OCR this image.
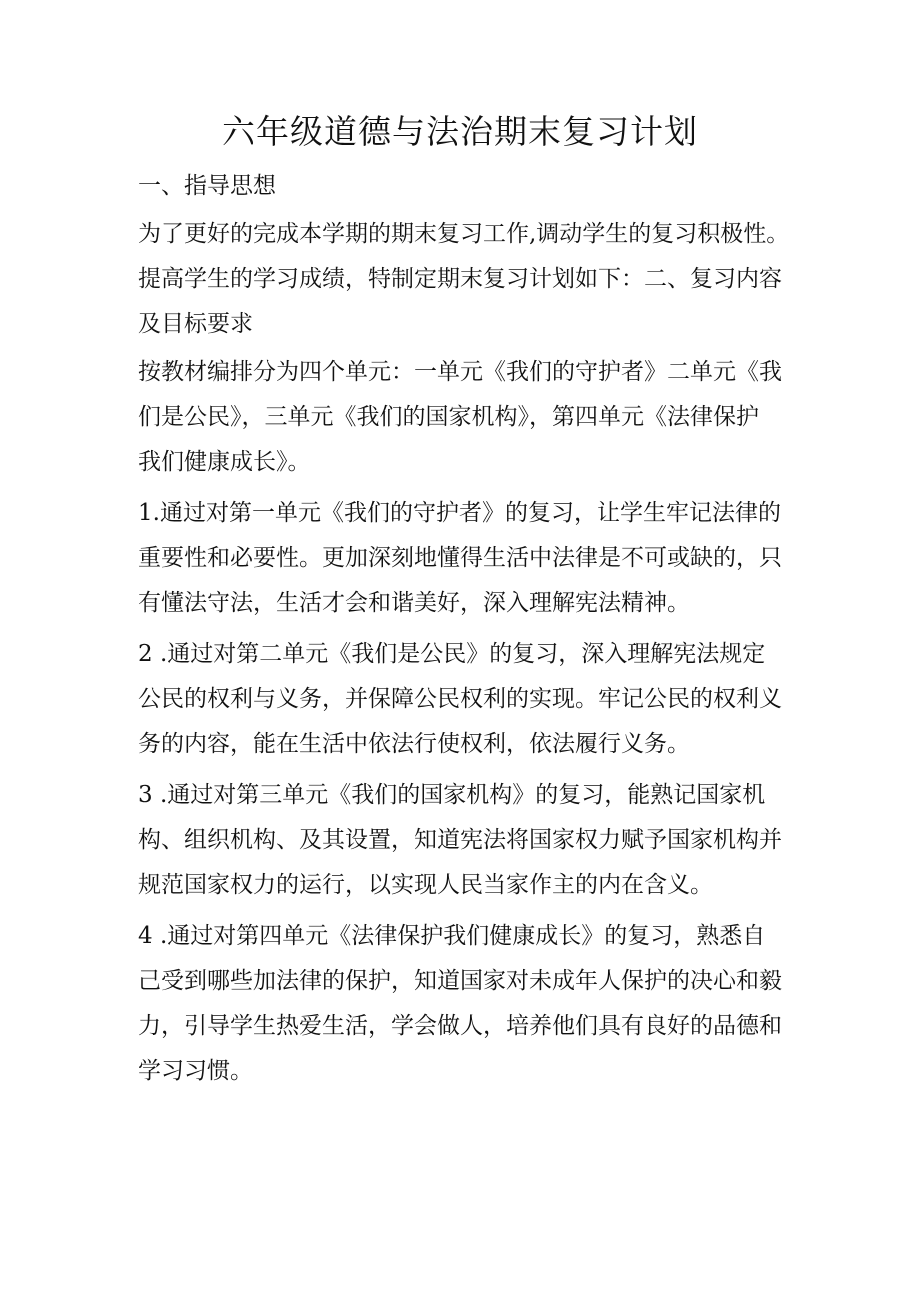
六年级道德与法治期末复习计划
一、指导思想
为了更好的完成本学期的期末复习工作,调动学生的复习积极性。
提高学生的学习成绩，特制定期末复习计划如下：二、复习内容
及目标要求
按教材编排分为四个单元：一单元《我们的守护者》二单元《我
们是公民》，三单元《我们的国家机构》，第四单元《法律保护
我们健康成长》。
1.通过对第一单元《我们的守护者》的复习，让学生牢记法律的
重要性和必要性。更加深刻地懂得生活中法律是不可或缺的，只
有懂法守法，生活才会和谐美好，深入理解宪法精神。
2 .通过对第二单元《我们是公民》的复习，深入理解宪法规定
公民的权利与义务，并保障公民权利的实现。牢记公民的权利义
务的内容，能在生活中依法行使权利，依法履行义务。
3 .通过对第三单元《我们的国家机构》的复习，能熟记国家机
构、组织机构、及其设置，知道宪法将国家权力赋予国家机构并
规范国家权力的运行，以实现人民当家作主的内在含义。
4 .通过对第四单元《法律保护我们健康成长》的复习，熟悉自
己受到哪些加法律的保护，知道国家对未成年人保护的决心和毅
力，引导学生热爱生活，学会做人，培养他们具有良好的品德和
学习习惯。
